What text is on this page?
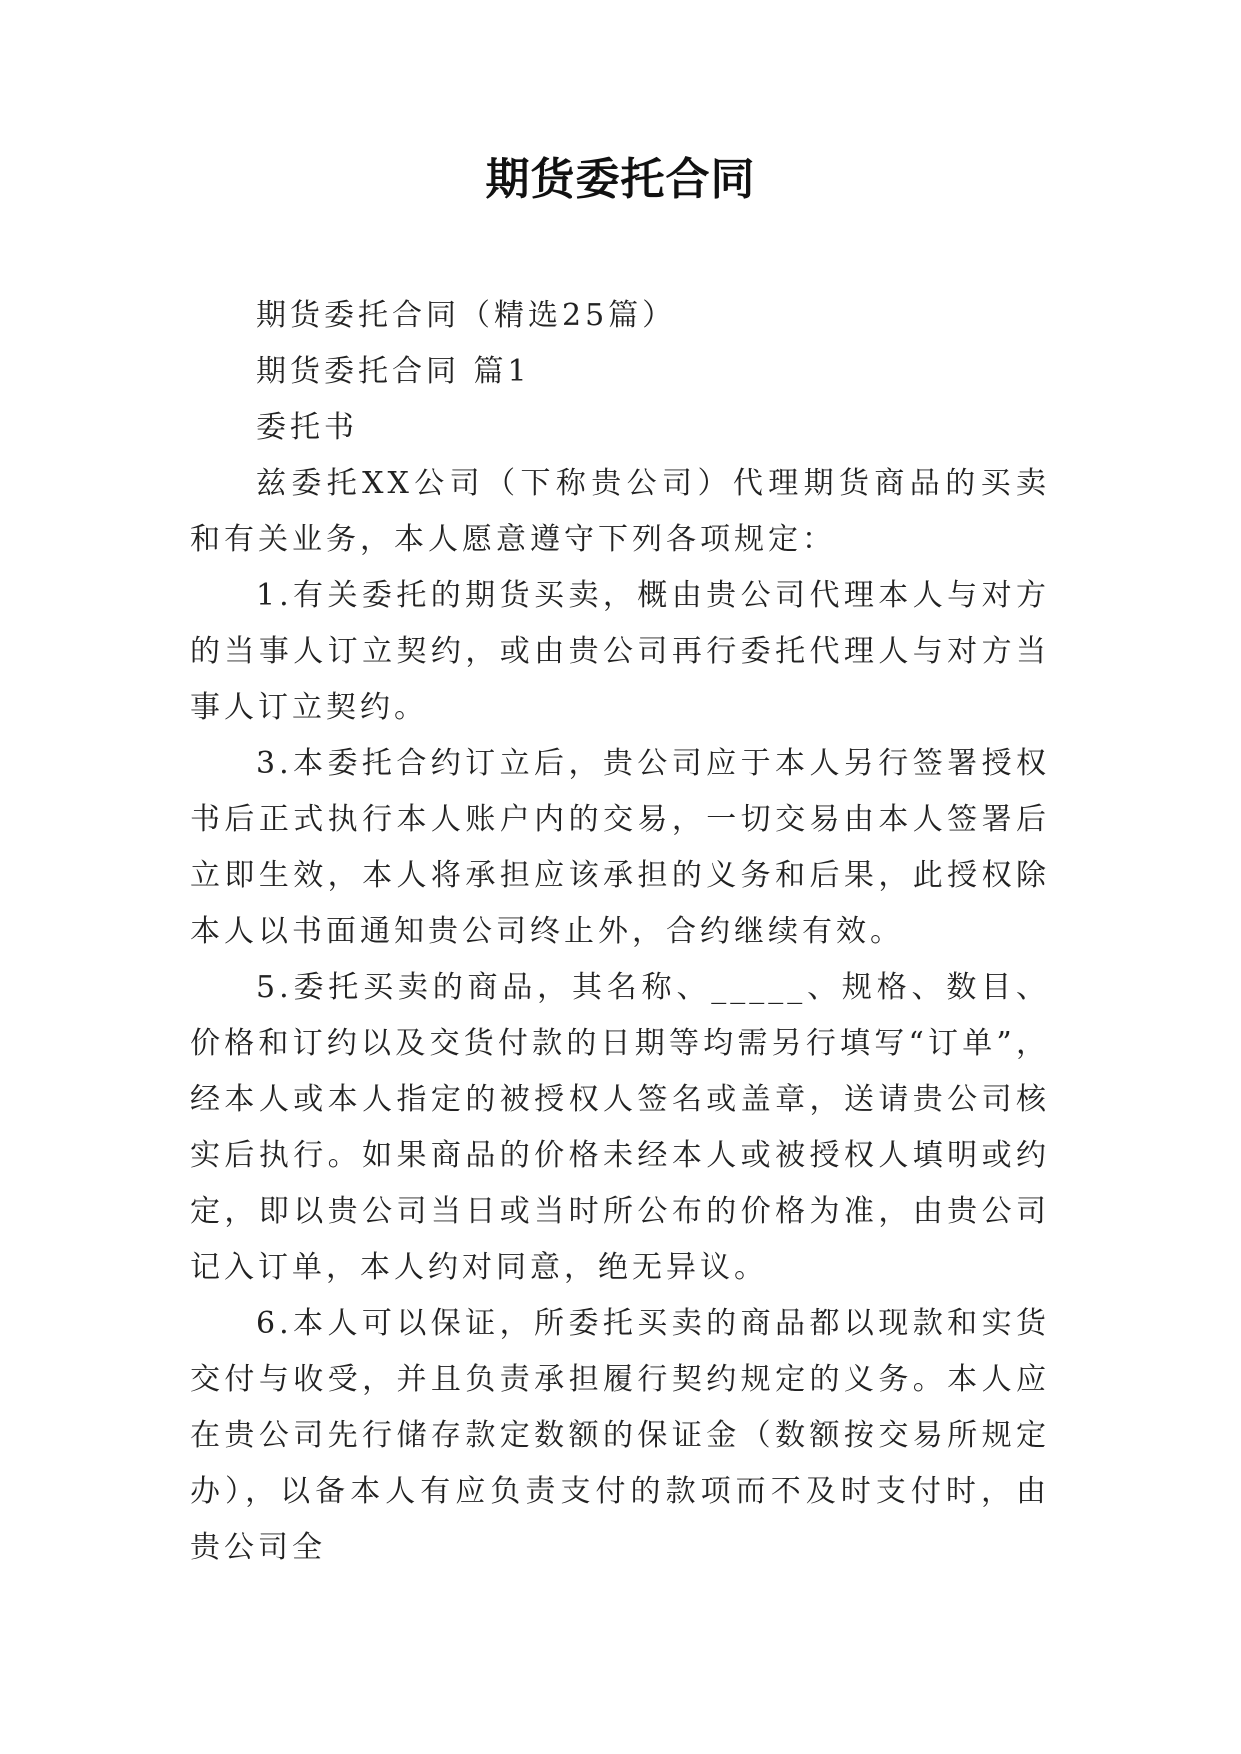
期货委托合同

期货委托合同（精选25篇）

期货委托合同 篇1

委托书

兹委托XX公司（下称贵公司）代理期货商品的买卖和有关业务，本人愿意遵守下列各项规定：

1.有关委托的期货买卖，概由贵公司代理本人与对方的当事人订立契约，或由贵公司再行委托代理人与对方当事人订立契约。

3.本委托合约订立后，贵公司应于本人另行签署授权书后正式执行本人账户内的交易，一切交易由本人签署后立即生效，本人将承担应该承担的义务和后果，此授权除本人以书面通知贵公司终止外，合约继续有效。

5.委托买卖的商品，其名称、_____、规格、数目、价格和订约以及交货付款的日期等均需另行填写“订单”，经本人或本人指定的被授权人签名或盖章，送请贵公司核实后执行。如果商品的价格未经本人或被授权人填明或约定，即以贵公司当日或当时所公布的价格为准，由贵公司记入订单，本人约对同意，绝无异议。

6.本人可以保证，所委托买卖的商品都以现款和实货交付与收受，并且负责承担履行契约规定的义务。本人应在贵公司先行储存款定数额的保证金（数额按交易所规定办），以备本人有应负责支付的款项而不及时支付时，由贵公司全
